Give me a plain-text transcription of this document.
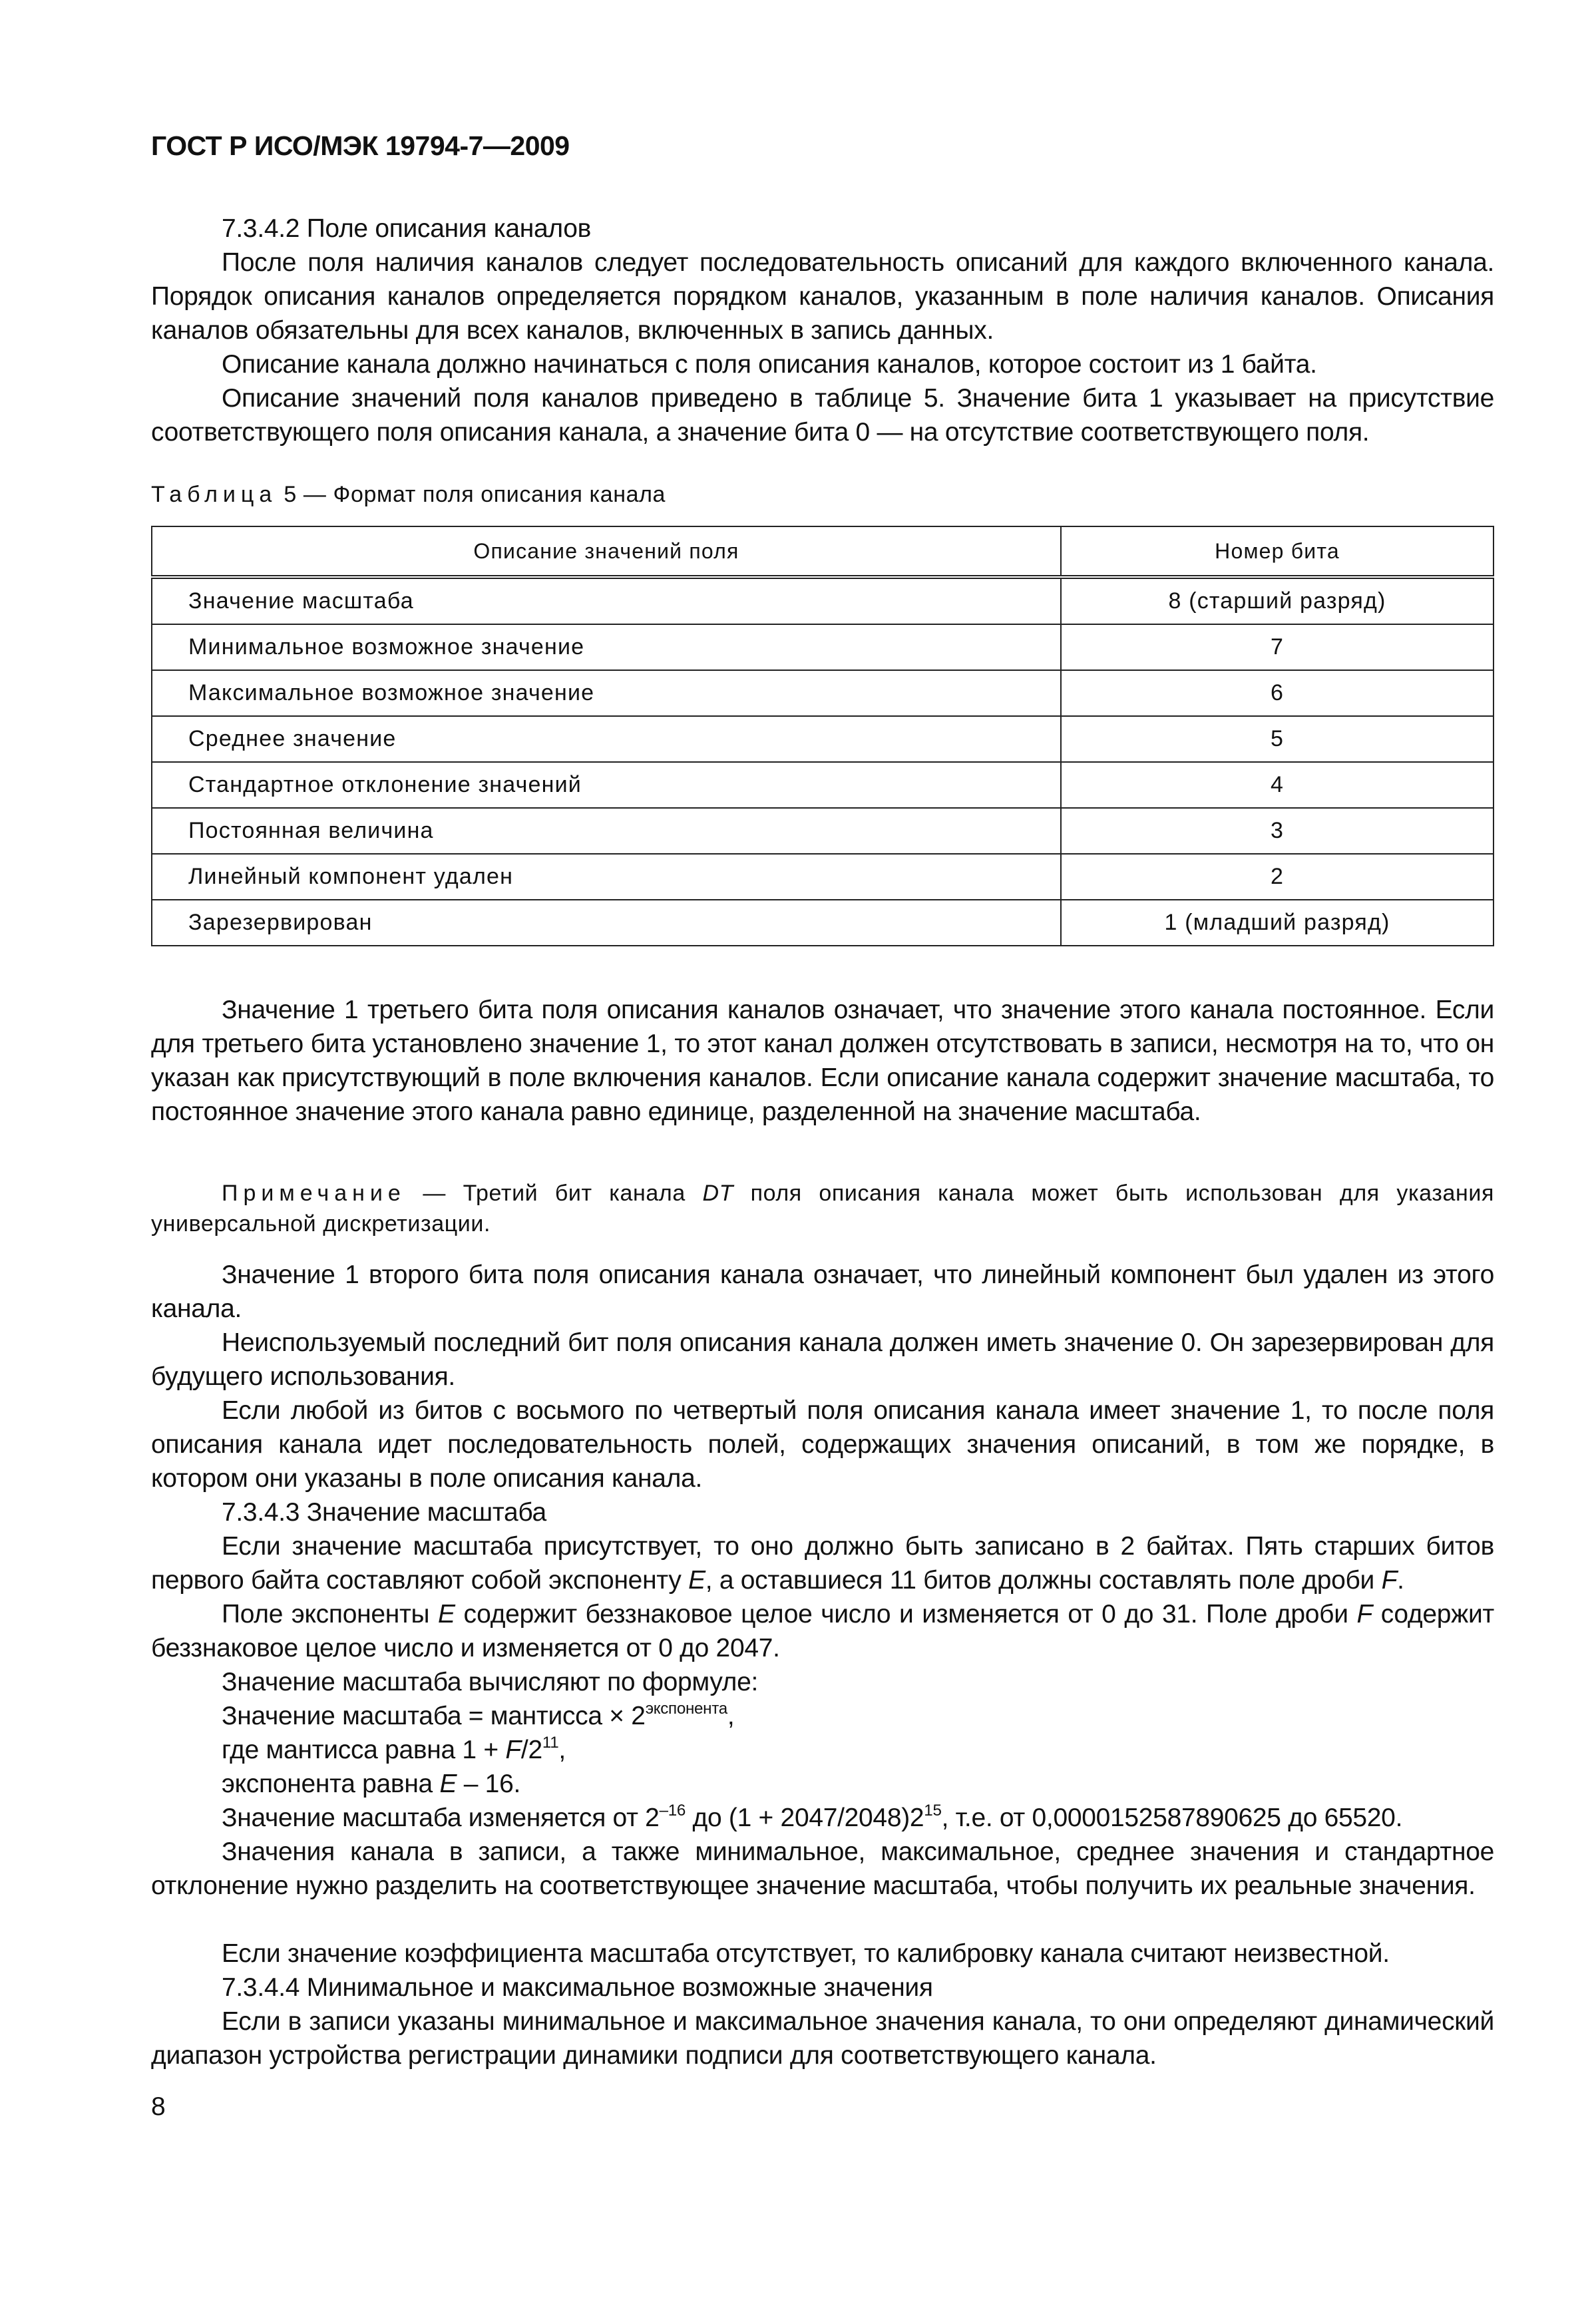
ГОСТ Р ИСО/МЭК 19794-7—2009

7.3.4.2 Поле описания каналов

После поля наличия каналов следует последовательность описаний для каждого включенного канала. Порядок описания каналов определяется порядком каналов, указанным в поле наличия каналов. Описания каналов обязательны для всех каналов, включенных в запись данных.

Описание канала должно начинаться с поля описания каналов, которое состоит из 1 байта.

Описание значений поля каналов приведено в таблице 5. Значение бита 1 указывает на присутствие соответствующего поля описания канала, а значение бита 0 — на отсутствие соответствующего поля.

Таблица 5 — Формат поля описания канала
Описание значений поля	Номер бита
Значение масштаба	8 (старший разряд)
Минимальное возможное значение	7
Максимальное возможное значение	6
Среднее значение	5
Стандартное отклонение значений	4
Постоянная величина	3
Линейный компонент удален	2
Зарезервирован	1 (младший разряд)

Значение 1 третьего бита поля описания каналов означает, что значение этого канала постоянное. Если для третьего бита установлено значение 1, то этот канал должен отсутствовать в записи, несмотря на то, что он указан как присутствующий в поле включения каналов. Если описание канала содержит значение масштаба, то постоянное значение этого канала равно единице, разделенной на значение масштаба.

Примечание — Третий бит канала DT поля описания канала может быть использован для указания универсальной дискретизации.

Значение 1 второго бита поля описания канала означает, что линейный компонент был удален из этого канала.

Неиспользуемый последний бит поля описания канала должен иметь значение 0. Он зарезервирован для будущего использования.

Если любой из битов с восьмого по четвертый поля описания канала имеет значение 1, то после поля описания канала идет последовательность полей, содержащих значения описаний, в том же порядке, в котором они указаны в поле описания канала.

7.3.4.3 Значение масштаба

Если значение масштаба присутствует, то оно должно быть записано в 2 байтах. Пять старших битов первого байта составляют собой экспоненту E, а оставшиеся 11 битов должны составлять поле дроби F.

Поле экспоненты E содержит беззнаковое целое число и изменяется от 0 до 31. Поле дроби F содержит беззнаковое целое число и изменяется от 0 до 2047.

Значение масштаба вычисляют по формуле:

Значение масштаба = мантисса × $2^{экспонента}$,

где мантисса равна $1 + F/2^{11}$,

экспонента равна E – 16.

Значение масштаба изменяется от $2^{-16}$ до $(1 + 2047/2048)2^{15}$, т.е. от 0,0000152587890625 до 65520.

Значения канала в записи, а также минимальное, максимальное, среднее значения и стандартное отклонение нужно разделить на соответствующее значение масштаба, чтобы получить их реальные значения.

Если значение коэффициента масштаба отсутствует, то калибровку канала считают неизвестной.

7.3.4.4 Минимальное и максимальное возможные значения

Если в записи указаны минимальное и максимальное значения канала, то они определяют динамический диапазон устройства регистрации динамики подписи для соответствующего канала.

8
